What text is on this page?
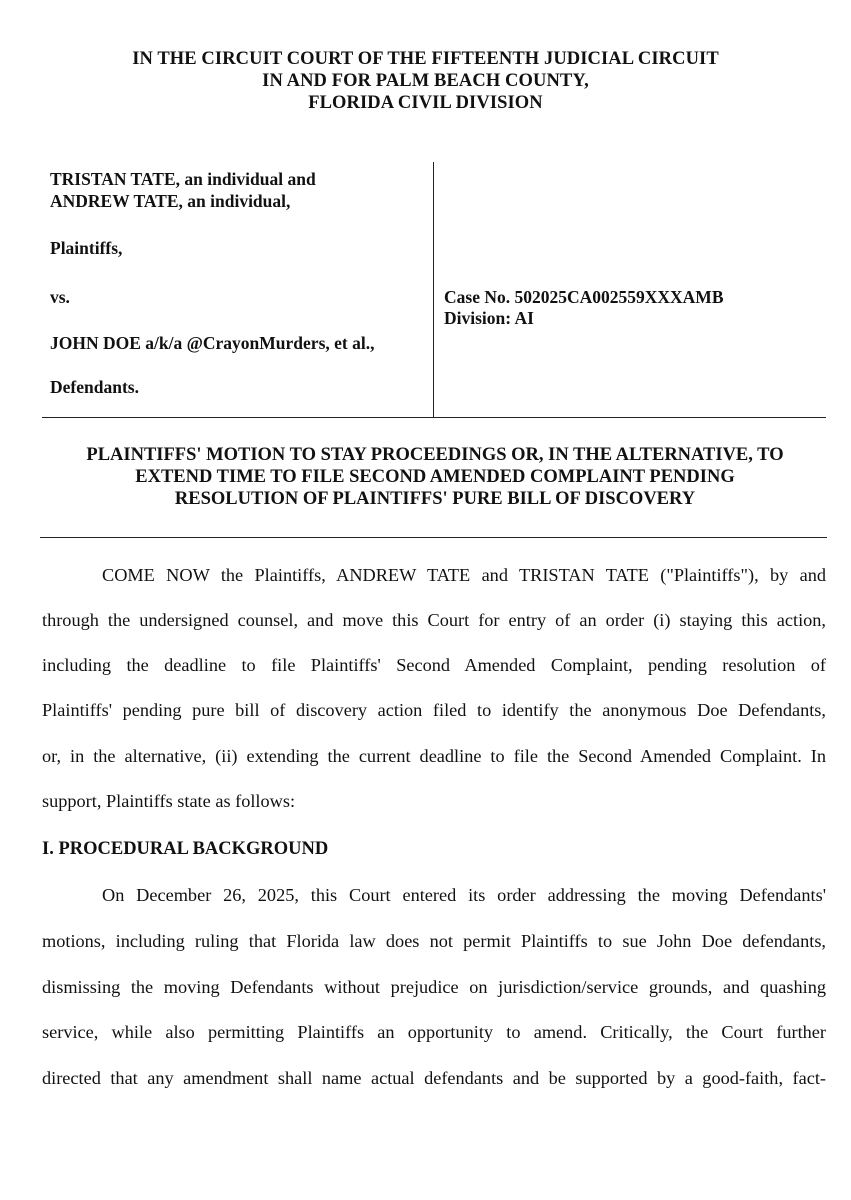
IN THE CIRCUIT COURT OF THE FIFTEENTH JUDICIAL CIRCUIT
IN AND FOR PALM BEACH COUNTY,
FLORIDA CIVIL DIVISION
TRISTAN TATE, an individual and
ANDREW TATE, an individual,
Plaintiffs,
vs.
JOHN DOE a/k/a @CrayonMurders, et al.,
Defendants.
Case No. 502025CA002559XXXAMB
Division: AI
PLAINTIFFS' MOTION TO STAY PROCEEDINGS OR, IN THE ALTERNATIVE, TO
EXTEND TIME TO FILE SECOND AMENDED COMPLAINT PENDING
RESOLUTION OF PLAINTIFFS' PURE BILL OF DISCOVERY
COME NOW the Plaintiffs, ANDREW TATE and TRISTAN TATE ("Plaintiffs"), by and
through the undersigned counsel, and move this Court for entry of an order (i) staying this action,
including the deadline to file Plaintiffs' Second Amended Complaint, pending resolution of
Plaintiffs' pending pure bill of discovery action filed to identify the anonymous Doe Defendants,
or, in the alternative, (ii) extending the current deadline to file the Second Amended Complaint. In
support, Plaintiffs state as follows:
I. PROCEDURAL BACKGROUND
On December 26, 2025, this Court entered its order addressing the moving Defendants'
motions, including ruling that Florida law does not permit Plaintiffs to sue John Doe defendants,
dismissing the moving Defendants without prejudice on jurisdiction/service grounds, and quashing
service, while also permitting Plaintiffs an opportunity to amend. Critically, the Court further
directed that any amendment shall name actual defendants and be supported by a good-faith, fact-
